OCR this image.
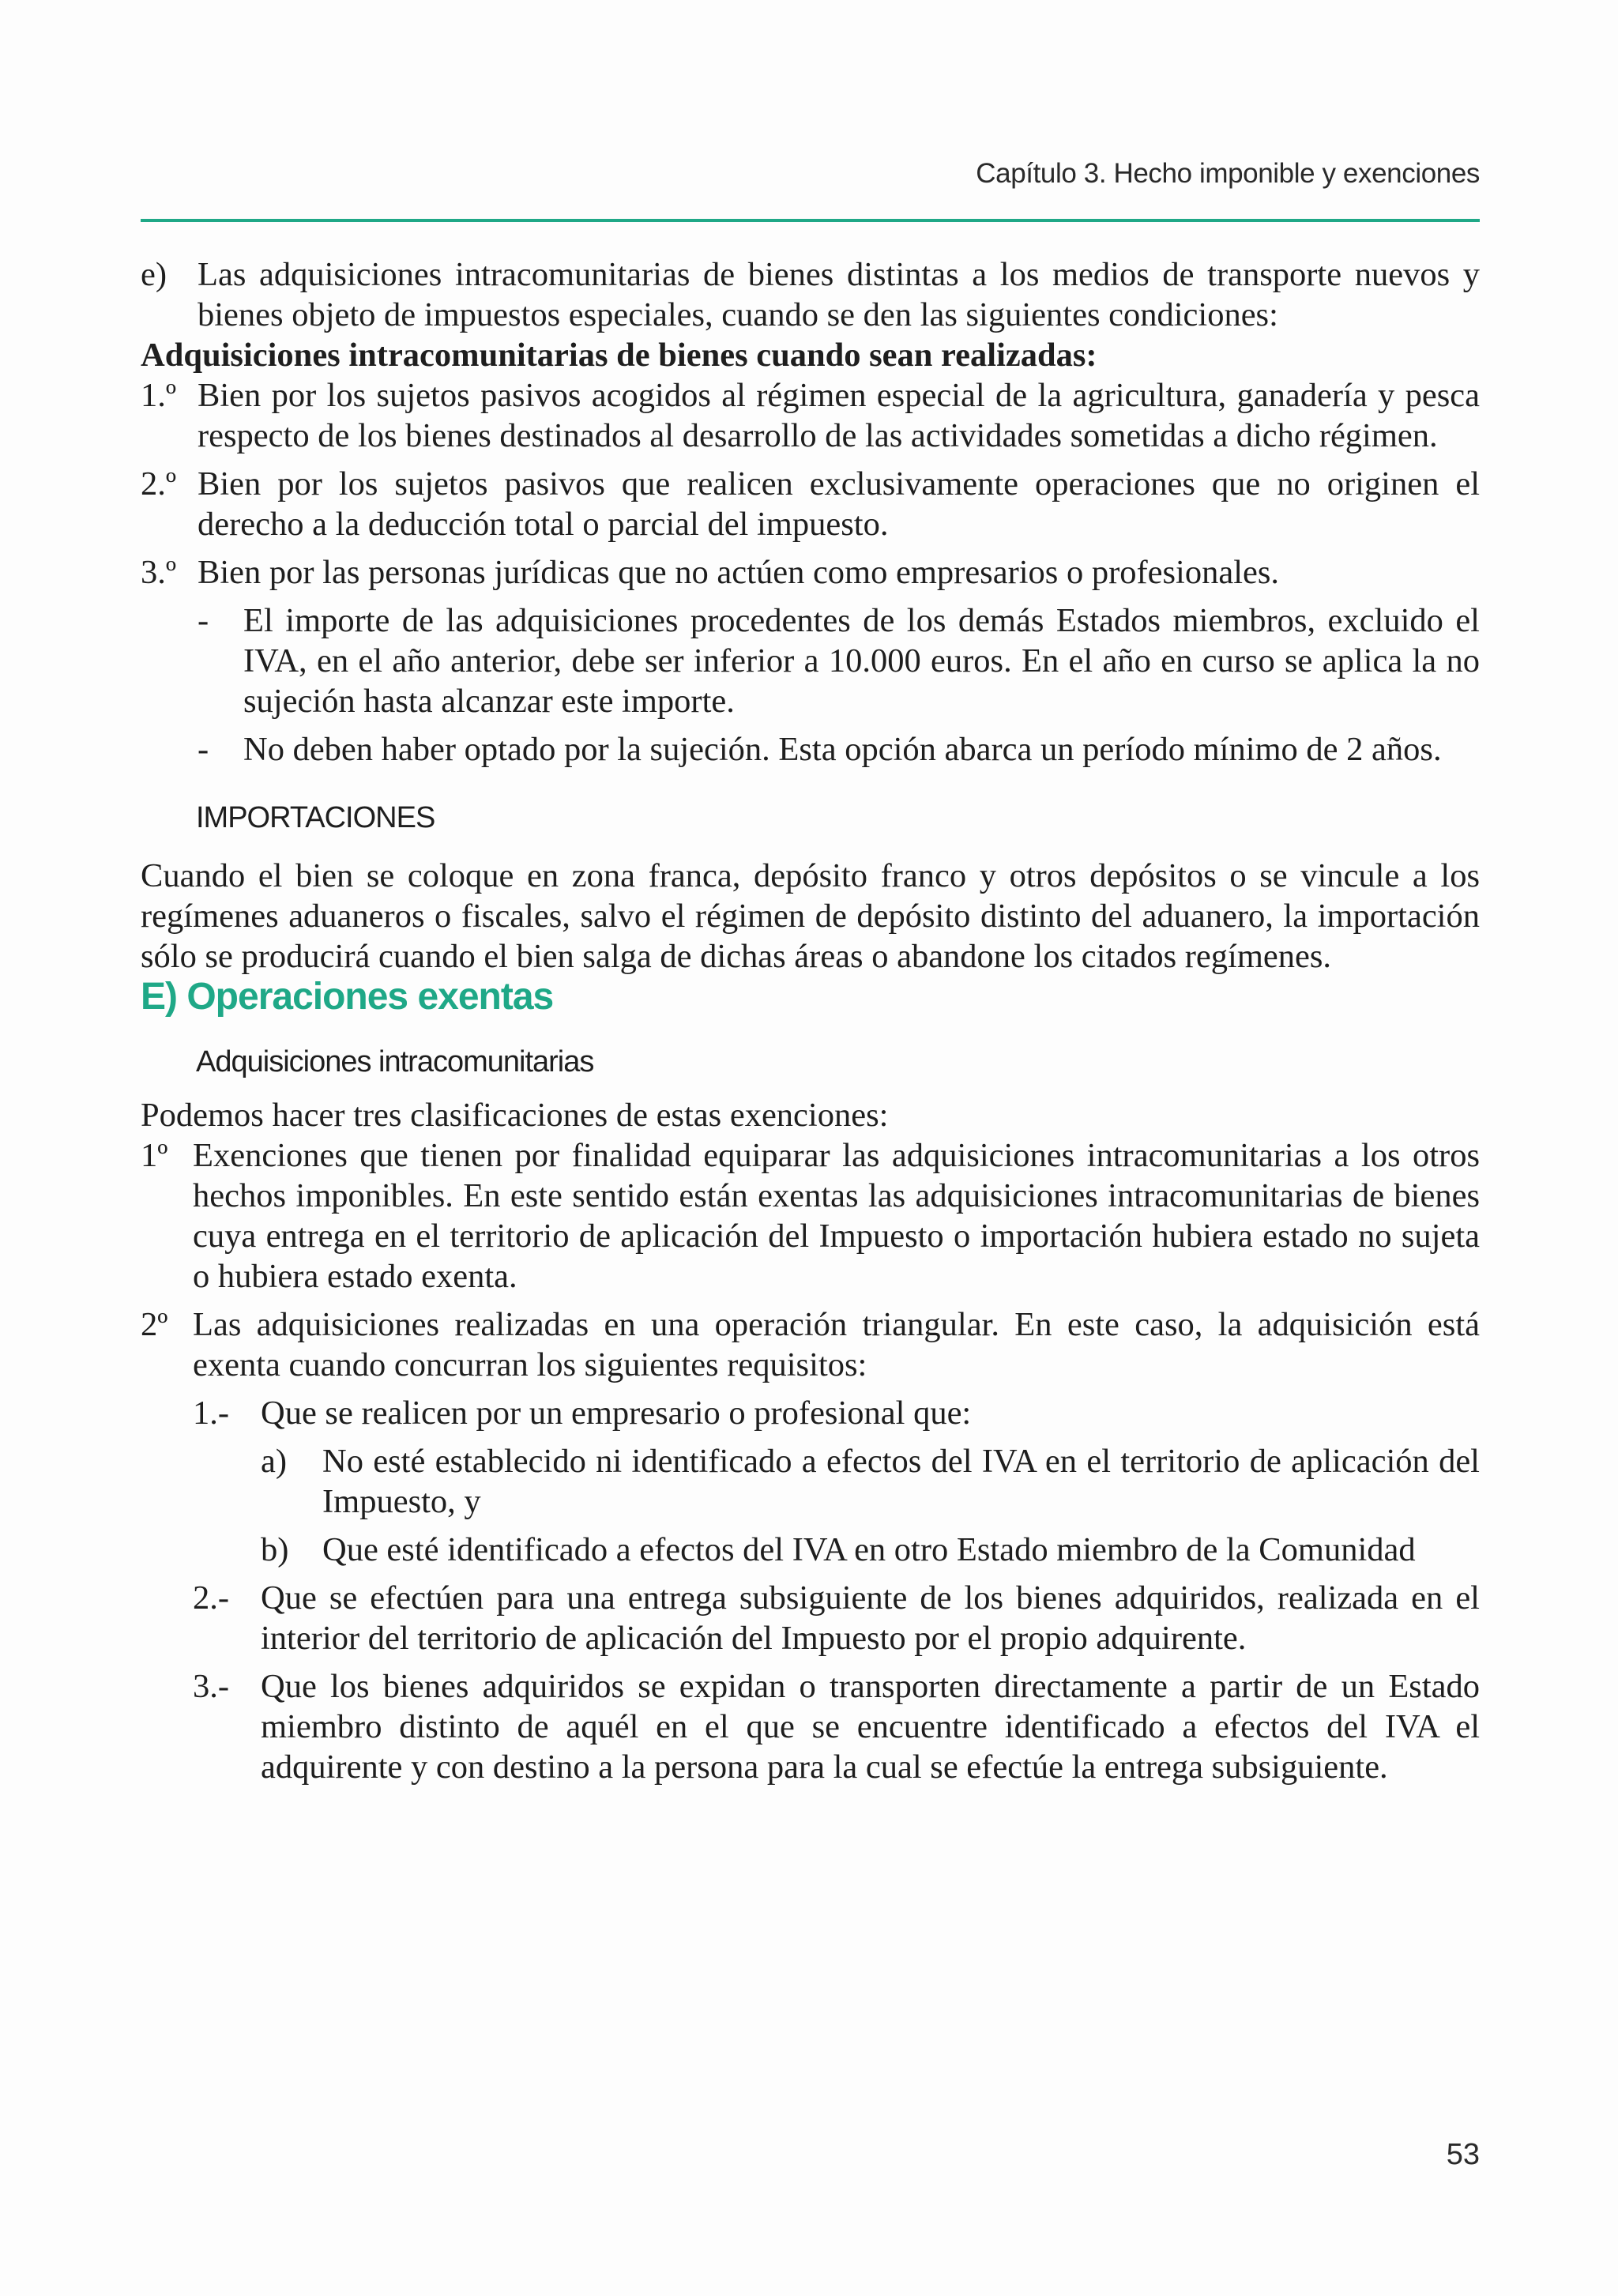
Capítulo 3. Hecho imponible y exenciones
e) Las adquisiciones intracomunitarias de bienes distintas a los medios de transporte nuevos y bienes objeto de impuestos especiales, cuando se den las siguientes condiciones:

Adquisiciones intracomunitarias de bienes cuando sean realizadas:

1.º Bien por los sujetos pasivos acogidos al régimen especial de la agricultura, ganadería y pesca respecto de los bienes destinados al desarrollo de las actividades sometidas a dicho régimen.
2.º Bien por los sujetos pasivos que realicen exclusivamente operaciones que no originen el derecho a la deducción total o parcial del impuesto.
3.º Bien por las personas jurídicas que no actúen como empresarios o profesionales.
- El importe de las adquisiciones procedentes de los demás Estados miembros, excluido el IVA, en el año anterior, debe ser inferior a 10.000 euros. En el año en curso se aplica la no sujeción hasta alcanzar este importe.
- No deben haber optado por la sujeción. Esta opción abarca un período mínimo de 2 años.

IMPORTACIONES

Cuando el bien se coloque en zona franca, depósito franco y otros depósitos o se vincule a los regímenes aduaneros o fiscales, salvo el régimen de depósito distinto del aduanero, la importación sólo se producirá cuando el bien salga de dichas áreas o abandone los citados regímenes.

E) Operaciones exentas

Adquisiciones intracomunitarias

Podemos hacer tres clasificaciones de estas exenciones:

1º Exenciones que tienen por finalidad equiparar las adquisiciones intracomunitarias a los otros hechos imponibles. En este sentido están exentas las adquisiciones intracomunitarias de bienes cuya entrega en el territorio de aplicación del Impuesto o importación hubiera estado no sujeta o hubiera estado exenta.
2º Las adquisiciones realizadas en una operación triangular. En este caso, la adquisición está exenta cuando concurran los siguientes requisitos:
1.- Que se realicen por un empresario o profesional que:
a) No esté establecido ni identificado a efectos del IVA en el territorio de aplicación del Impuesto, y
b) Que esté identificado a efectos del IVA en otro Estado miembro de la Comunidad
2.- Que se efectúen para una entrega subsiguiente de los bienes adquiridos, realizada en el interior del territorio de aplicación del Impuesto por el propio adquirente.
3.- Que los bienes adquiridos se expidan o transporten directamente a partir de un Estado miembro distinto de aquél en el que se encuentre identificado a efectos del IVA el adquirente y con destino a la persona para la cual se efectúe la entrega subsiguiente.
53
